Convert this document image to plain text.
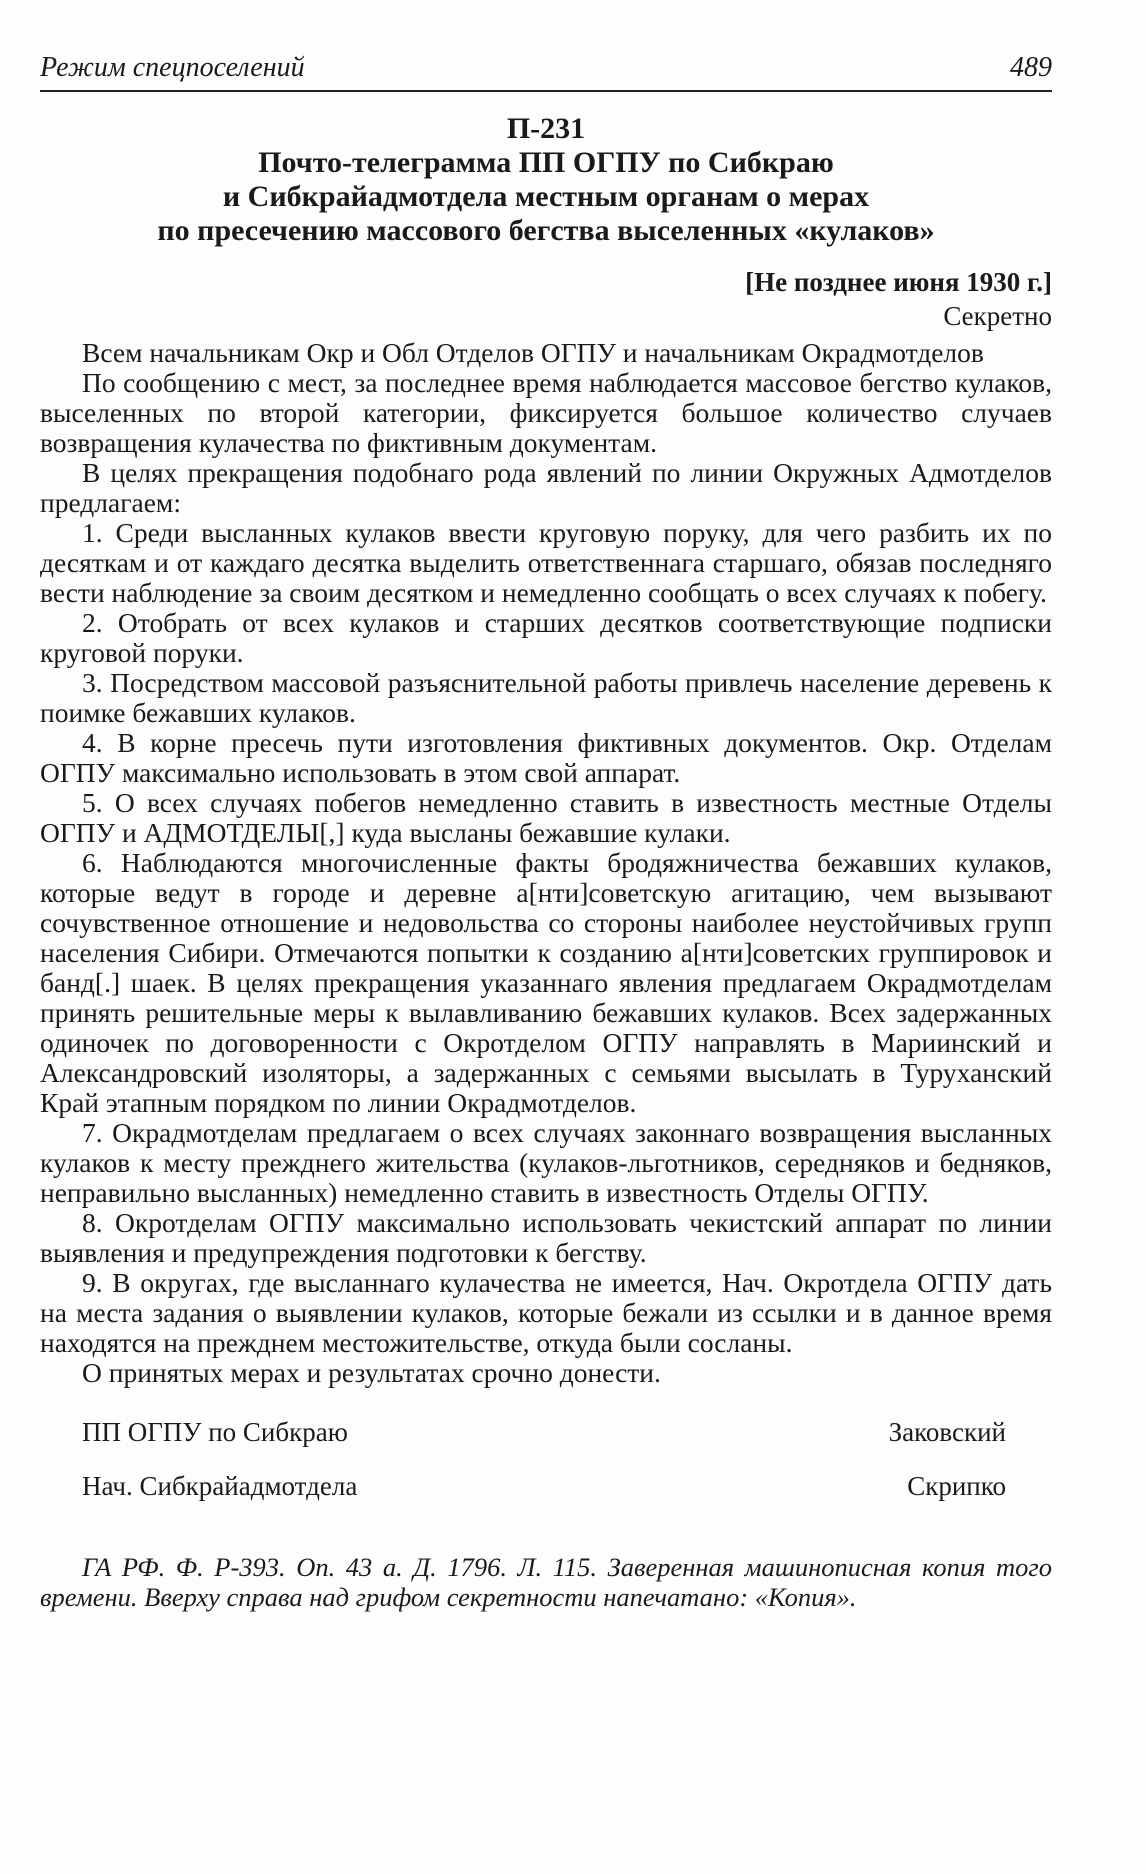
Режим спецпоселений	489
П-231
Почто-телеграмма ПП ОГПУ по Сибкраю
и Сибкрайадмотдела местным органам о мерах
по пресечению массового бегства выселенных «кулаков»
[Не позднее июня 1930 г.]
Секретно

Всем начальникам Окр и Обл Отделов ОГПУ и начальникам Окрадмотделов

По сообщению с мест, за последнее время наблюдается массовое бегство кулаков, выселенных по второй категории, фиксируется большое количество случаев возвращения кулачества по фиктивным документам.

В целях прекращения подобнаго рода явлений по линии Окружных Адмотделов предлагаем:

1. Среди высланных кулаков ввести круговую поруку, для чего разбить их по десяткам и от каждаго десятка выделить ответственнага старшаго, обязав последняго вести наблюдение за своим десятком и немедленно сообщать о всех случаях к побегу.

2. Отобрать от всех кулаков и старших десятков соответствующие подписки круговой поруки.

3. Посредством массовой разъяснительной работы привлечь население деревень к поимке бежавших кулаков.

4. В корне пресечь пути изготовления фиктивных документов. Окр. Отделам ОГПУ максимально использовать в этом свой аппарат.

5. О всех случаях побегов немедленно ставить в известность местные Отделы ОГПУ и АДМОТДЕЛЫ[,] куда высланы бежавшие кулаки.

6. Наблюдаются многочисленные факты бродяжничества бежавших кулаков, которые ведут в городе и деревне а[нти]советскую агитацию, чем вызывают сочувственное отношение и недовольства со стороны наиболее неустойчивых групп населения Сибири. Отмечаются попытки к созданию а[нти]советских группировок и банд[.] шаек. В целях прекращения указаннаго явления предлагаем Окрадмотделам принять решительные меры к вылавливанию бежавших кулаков. Всех задержанных одиночек по договоренности с Окротделом ОГПУ направлять в Мариинский и Александровский изоляторы, а задержанных с семьями высылать в Туруханский Край этапным порядком по линии Окрадмотделов.

7. Окрадмотделам предлагаем о всех случаях законнаго возвращения высланных кулаков к месту прежднего жительства (кулаков-льготников, середняков и бедняков, неправильно высланных) немедленно ставить в известность Отделы ОГПУ.

8. Окротделам ОГПУ максимально использовать чекистский аппарат по линии выявления и предупреждения подготовки к бегству.

9. В округах, где высланнаго кулачества не имеется, Нач. Окротдела ОГПУ дать на места задания о выявлении кулаков, которые бежали из ссылки и в данное время находятся на прежднем местожительстве, откуда были сосланы.

О принятых мерах и результатах срочно донести.

ПП ОГПУ по Сибкраю	Заковский
Нач. Сибкрайадмотдела	Скрипко

ГА РФ. Ф. Р-393. Оп. 43 а. Д. 1796. Л. 115. Заверенная машинописная копия того времени. Вверху справа над грифом секретности напечатано: «Копия».
